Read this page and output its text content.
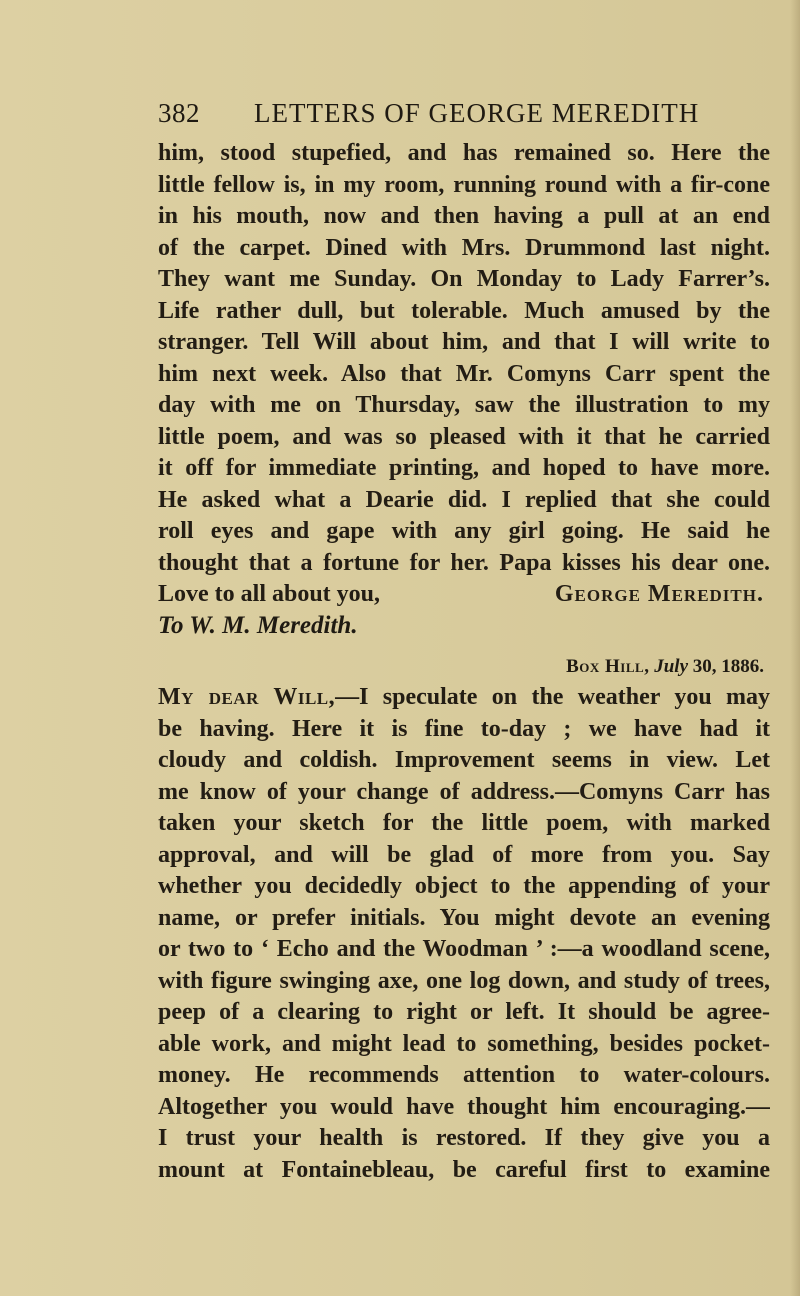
382 LETTERS OF GEORGE MEREDITH
him, stood stupefied, and has remained so. Here the
little fellow is, in my room, running round with a fir-cone
in his mouth, now and then having a pull at an end
of the carpet. Dined with Mrs. Drummond last night.
They want me Sunday. On Monday to Lady Farrer’s.
Life rather dull, but tolerable. Much amused by the
stranger. Tell Will about him, and that I will write to
him next week. Also that Mr. Comyns Carr spent the
day with me on Thursday, saw the illustration to my
little poem, and was so pleased with it that he carried
it off for immediate printing, and hoped to have more.
He asked what a Dearie did. I replied that she could
roll eyes and gape with any girl going. He said he
thought that a fortune for her. Papa kisses his dear one.
Love to all about you,	George Meredith.
To W. M. Meredith.
Box Hill, July 30, 1886.
My dear Will,—I speculate on the weather you may
be having. Here it is fine to-day ; we have had it
cloudy and coldish. Improvement seems in view. Let
me know of your change of address.—Comyns Carr has
taken your sketch for the little poem, with marked
approval, and will be glad of more from you. Say
whether you decidedly object to the appending of your
name, or prefer initials. You might devote an evening
or two to ‘ Echo and the Woodman ’ :—a woodland scene,
with figure swinging axe, one log down, and study of trees,
peep of a clearing to right or left. It should be agree-
able work, and might lead to something, besides pocket-
money. He recommends attention to water-colours.
Altogether you would have thought him encouraging.—
I trust your health is restored. If they give you a
mount at Fontainebleau, be careful first to examine
